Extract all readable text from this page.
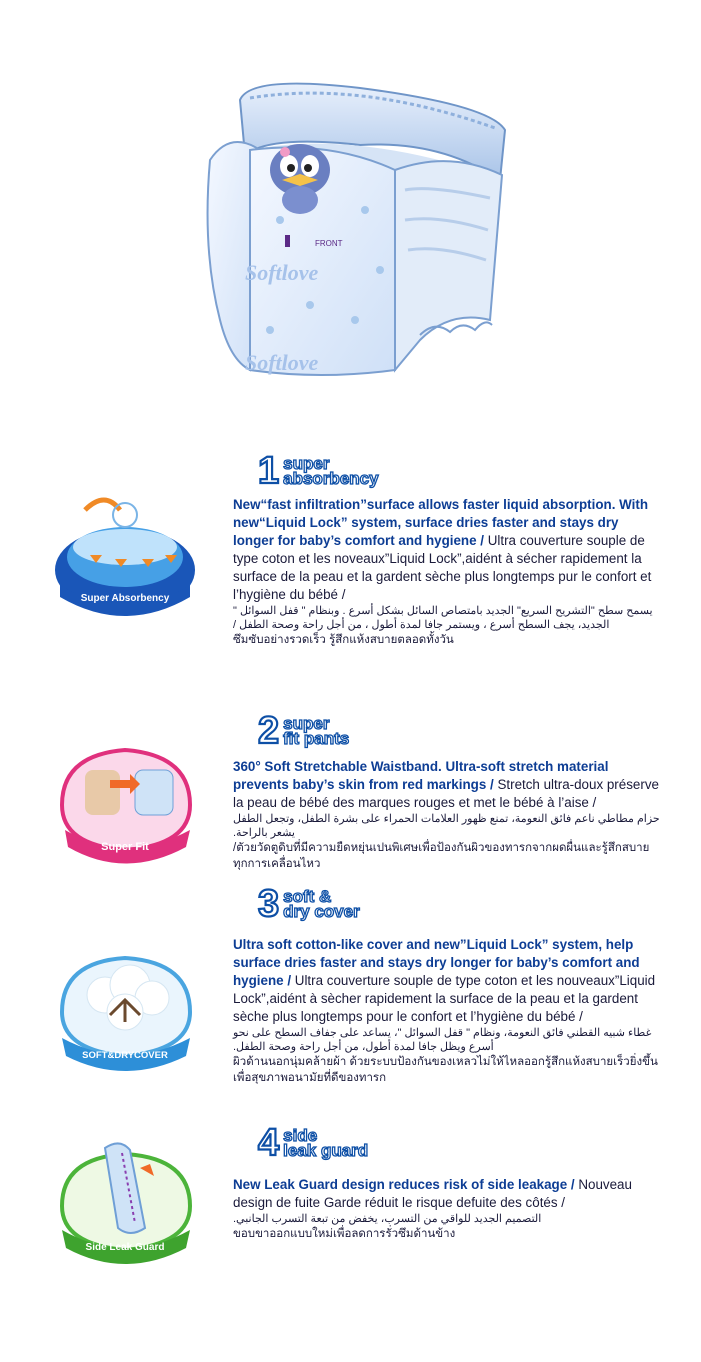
FRONT
Softlove
Softlove
1 super
absorbency
Super Absorbency
New“fast infiltration”surface allows faster liquid absorption. With new“Liquid Lock” system, surface dries faster and stays dry longer for baby’s comfort and hygiene / Ultra couverture souple de type coton et les noveaux”Liquid Lock”,aidént à sécher rapidement la surface de la peau et la gardent sèche plus longtemps pur le confort et l’hygiène du bébé /
يسمح سطح "التشريح السريع" الجديد بامتصاص السائل بشكل أسرع . وبنظام " قفل السوائل " الجديد، يجف السطح أسرع ، ويستمر جافا لمدة أطول ، من أجل راحة وصحة الطفل /
ซึมซับอย่างรวดเร็ว รู้สึกแห้งสบายตลอดทั้งวัน
2 super
fit pants
Super Fit
360° Soft Stretchable Waistband. Ultra-soft stretch material prevents baby’s skin from red markings / Stretch ultra-doux préserve la peau de bébé des marques rouges et met le bébé à l’aise /
حزام مطاطي ناعم فائق النعومة، تمنع ظهور العلامات الحمراء على بشرة الطفل، وتجعل الطفل يشعر بالراحة.
/ตัวยวัดตูดิบที่มีความยืดหยุ่นเปนพิเศษเพื่อป้องกันผิวของทารกจากผดผื่นและรู้สึกสบายทุกการเคลื่อนไหว
3 soft &
dry cover
SOFT&DRYCOVER
Ultra soft cotton-like cover and new”Liquid Lock” system, help surface dries faster and stays dry longer for baby’s comfort and hygiene / Ultra couverture souple de type coton et les nouveaux”Liquid Lock”,aidént à sècher rapidement la surface de la peau et la gardent sèche plus longtemps pour le confort et l’hygiène du bébé /
غطاء شبيه القطني فائق النعومة، ونظام " قفل السوائل "، يساعد على جفاف السطح على نحو أسرع ويظل جافا لمدة أطول، من أجل راحة وصحة الطفل.
ผิวด้านนอกนุ่มคล้ายผ้า ด้วยระบบป้องกันของเหลวไม่ให้ไหลออกรู้สึกแห้งสบายเร็วยิ่งขึ้น เพื่อสุขภาพอนามัยที่ดีของทารก
4 side
leak guard
Side Leak Guard
New Leak Guard design reduces risk of side leakage / Nouveau design de fuite Garde réduit le risque defuite des côtés /
التصميم الجديد للواقي من التسرب، يخفض من تبعة التسرب الجانبي.
ขอบขาออกแบบใหม่เพื่อลดการรั่วซึมด้านข้าง
